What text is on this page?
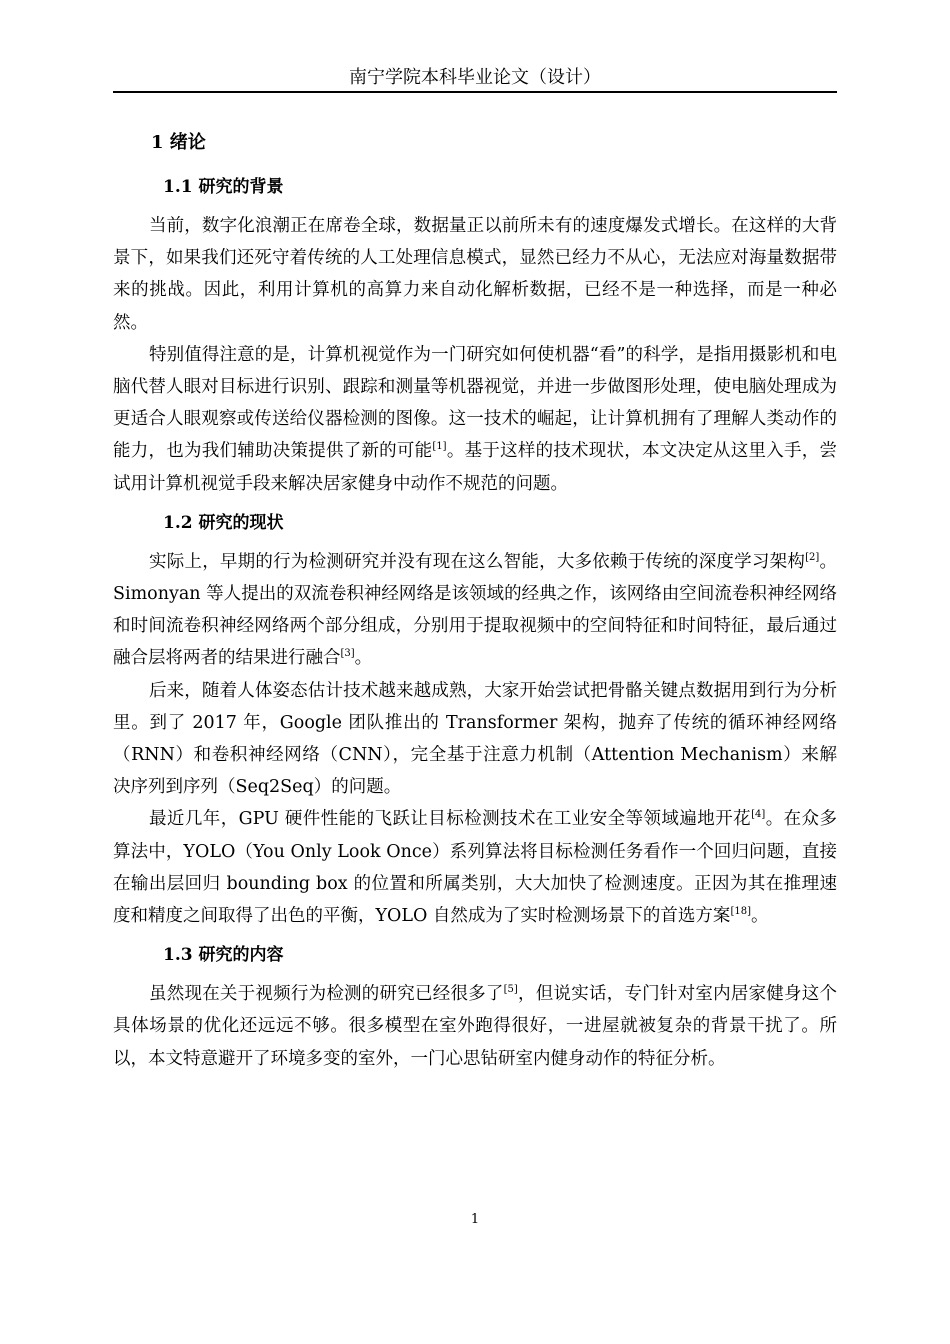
南宁学院本科毕业论文（设计）
1 绪论
1.1 研究的背景

当前，数字化浪潮正在席卷全球，数据量正以前所未有的速度爆发式增长。在这样的大背景下，如果我们还死守着传统的人工处理信息模式，显然已经力不从心，无法应对海量数据带来的挑战。因此，利用计算机的高算力来自动化解析数据，已经不是一种选择，而是一种必然。

特别值得注意的是，计算机视觉作为一门研究如何使机器“看”的科学，是指用摄影机和电脑代替人眼对目标进行识别、跟踪和测量等机器视觉，并进一步做图形处理，使电脑处理成为更适合人眼观察或传送给仪器检测的图像。这一技术的崛起，让计算机拥有了理解人类动作的能力，也为我们辅助决策提供了新的可能[1]。基于这样的技术现状，本文决定从这里入手，尝试用计算机视觉手段来解决居家健身中动作不规范的问题。

1.2 研究的现状

实际上，早期的行为检测研究并没有现在这么智能，大多依赖于传统的深度学习架构[2]。Simonyan 等人提出的双流卷积神经网络是该领域的经典之作，该网络由空间流卷积神经网络和时间流卷积神经网络两个部分组成，分别用于提取视频中的空间特征和时间特征，最后通过融合层将两者的结果进行融合[3]。

后来，随着人体姿态估计技术越来越成熟，大家开始尝试把骨骼关键点数据用到行为分析里。到了 2017 年，Google 团队推出的 Transformer 架构，抛弃了传统的循环神经网络（RNN）和卷积神经网络（CNN），完全基于注意力机制（Attention Mechanism）来解决序列到序列（Seq2Seq）的问题。

最近几年，GPU 硬件性能的飞跃让目标检测技术在工业安全等领域遍地开花[4]。在众多算法中，YOLO（You Only Look Once）系列算法将目标检测任务看作一个回归问题，直接在输出层回归 bounding box 的位置和所属类别，大大加快了检测速度。正因为其在推理速度和精度之间取得了出色的平衡，YOLO 自然成为了实时检测场景下的首选方案[18]。

1.3 研究的内容

虽然现在关于视频行为检测的研究已经很多了[5]，但说实话，专门针对室内居家健身这个具体场景的优化还远远不够。很多模型在室外跑得很好，一进屋就被复杂的背景干扰了。所以，本文特意避开了环境多变的室外，一门心思钻研室内健身动作的特征分析。

1
